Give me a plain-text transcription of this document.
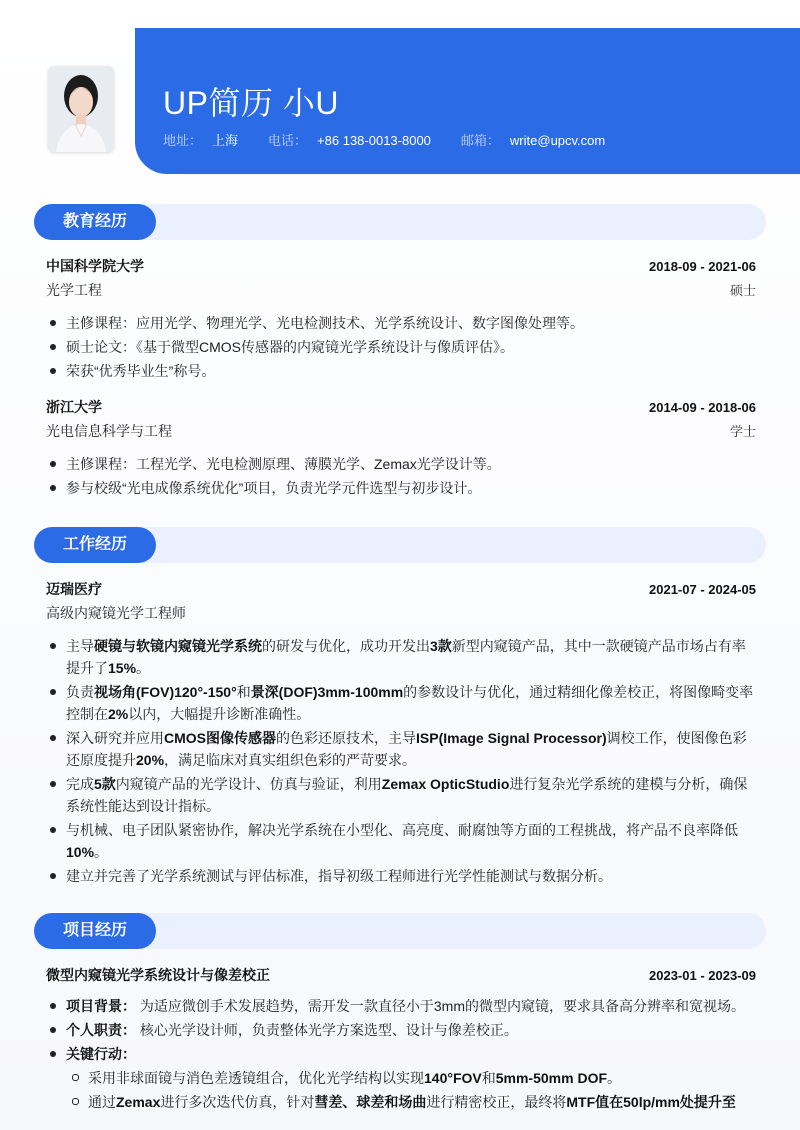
UP简历 小U
地址： 上海 电话： +86 138-0013-8000 邮箱： write@upcv.com
教育经历
中国科学院大学	2018-09 - 2021-06
光学工程	硕士
主修课程：应用光学、物理光学、光电检测技术、光学系统设计、数字图像处理等。
硕士论文：《基于微型CMOS传感器的内窥镜光学系统设计与像质评估》。
荣获“优秀毕业生”称号。
浙江大学	2014-09 - 2018-06
光电信息科学与工程	学士
主修课程：工程光学、光电检测原理、薄膜光学、Zemax光学设计等。
参与校级“光电成像系统优化”项目，负责光学元件选型与初步设计。
工作经历
迈瑞医疗	2021-07 - 2024-05
高级内窥镜光学工程师
主导硬镜与软镜内窥镜光学系统的研发与优化，成功开发出3款新型内窥镜产品，其中一款硬镜产品市场占有率提升了15%。
负责视场角(FOV)120°-150°和景深(DOF)3mm-100mm的参数设计与优化，通过精细化像差校正，将图像畸变率控制在2%以内，大幅提升诊断准确性。
深入研究并应用CMOS图像传感器的色彩还原技术，主导ISP(Image Signal Processor)调校工作，使图像色彩还原度提升20%，满足临床对真实组织色彩的严苛要求。
完成5款内窥镜产品的光学设计、仿真与验证，利用Zemax OpticStudio进行复杂光学系统的建模与分析，确保系统性能达到设计指标。
与机械、电子团队紧密协作，解决光学系统在小型化、高亮度、耐腐蚀等方面的工程挑战，将产品不良率降低10%。
建立并完善了光学系统测试与评估标准，指导初级工程师进行光学性能测试与数据分析。
项目经历
微型内窥镜光学系统设计与像差校正	2023-01 - 2023-09
项目背景： 为适应微创手术发展趋势，需开发一款直径小于3mm的微型内窥镜，要求具备高分辨率和宽视场。
个人职责： 核心光学设计师，负责整体光学方案选型、设计与像差校正。
关键行动：
采用非球面镜与消色差透镜组合，优化光学结构以实现140°FOV和5mm-50mm DOF。
通过Zemax进行多次迭代仿真，针对彗差、球差和场曲进行精密校正，最终将MTF值在50lp/mm处提升至
